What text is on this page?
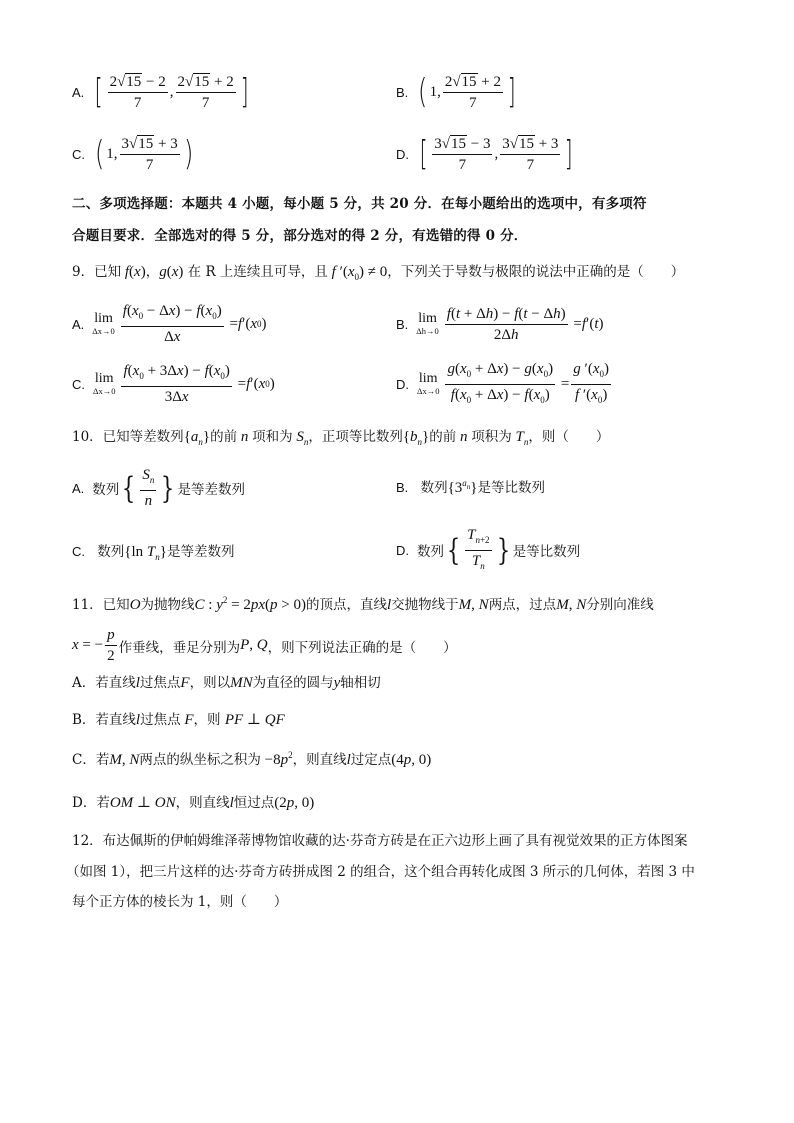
A. [ $\frac{2√15 - 2}{7}$ , $\frac{2√15 + 2}{7}$ ]	B. ( 1, $\frac{2√15 + 2}{7}$ ]
C. ( 1, $\frac{3√15 + 3}{7}$ )	D. [ $\frac{3√15 - 3}{7}$ , $\frac{3√15 + 3}{7}$ ]
二、多项选择题：本题共 4 小题，每小题 5 分，共 20 分．在每小题给出的选项中，有多项符
合题目要求．全部选对的得 5 分，部分选对的得 2 分，有选错的得 0 分．
9．已知 f(x)，g(x) 在 R 上连续且可导，且 f $'(x_0) \ne 0$，下列关于导数与极限的说法中正确的是（　　）
A. lim
$\Delta x\to 0 \frac{f(x_0 - \Delta x) - f(x_0)}{\Delta x} = f$ ′( x 0 )	B. lim
$\Delta h\to 0 \frac{f(t + \Delta h) - f(t - \Delta h)}{2\Delta h} = f$ ′( t )
C. lim
$\Delta x\to 0 \frac{f(x_0 + 3\Delta x) - f(x_0)}{3\Delta x} = f$ ′( x 0 )	D. lim
$\Delta x\to 0 \frac{g(x_0 + \Delta x) - g(x_0)}{f(x_0 + \Delta x) - f(x_0)} = \frac{g '(x_0)}{f '(x_0)}$
10．已知等差数列$\{a_n\}$的前 n 项和为 $S_n$，正项等比数列$\{b_n\}$的前 n 项积为 $T_n$，则（　　）
A. 数列 { $\frac{S_n}{n}$ } 是等差数列	B. 数列$\{3^{a_n}\}$是等比数列
C. 数列{ln $T_n$}是等差数列	D. 数列 { $\frac{T_{n+2}}{T_n}$ } 是等比数列
11．已知O为抛物线C : $y^2 = 2px(p > 0)$的顶点，直线l交抛物线于M, N两点，过点M, N分别向准线
x = − $\frac{p}{2}$ 作垂线，垂足分别为 P, Q ，则下列说法正确的是（　　）
A．若直线l过焦点F，则以MN为直径的圆与y轴相切
B．若直线l过焦点 F，则 PF ⊥ QF
C．若M, N两点的纵坐标之积为 $-8p^2$，则直线l过定点(4p, 0)
D．若OM ⊥ ON，则直线l恒过点(2p, 0)
12．布达佩斯的伊帕姆维泽蒂博物馆收藏的达·芬奇方砖是在正六边形上画了具有视觉效果的正方体图案
（如图 1），把三片这样的达·芬奇方砖拼成图 2 的组合，这个组合再转化成图 3 所示的几何体，若图 3 中
每个正方体的棱长为 1，则（　　）
